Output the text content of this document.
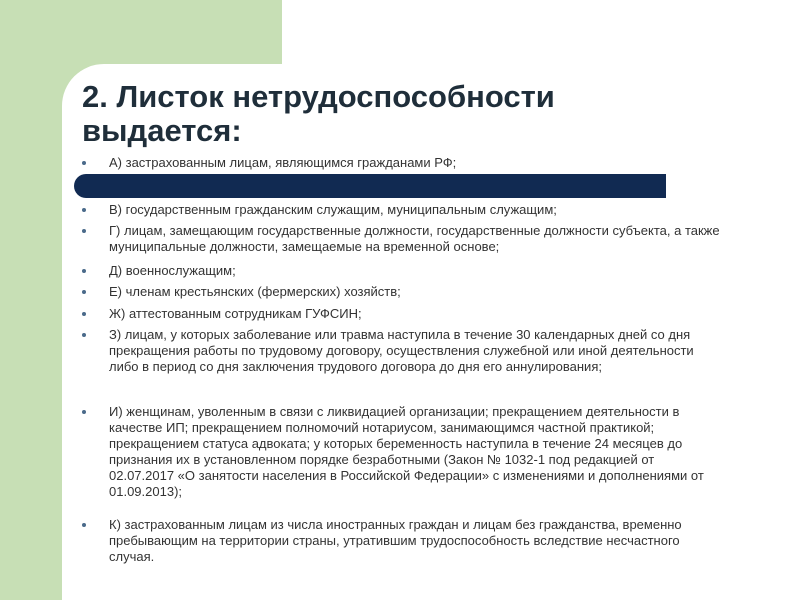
2. Листок нетрудоспособности выдается:
А) застрахованным лицам, являющимся гражданами РФ;
В) государственным гражданским служащим, муниципальным служащим;
Г) лицам, замещающим государственные должности, государственные должности субъекта, а также муниципальные должности, замещаемые на временной основе;
Д) военнослужащим;
Е) членам крестьянских (фермерских) хозяйств;
Ж) аттестованным сотрудникам ГУФСИН;
З) лицам, у которых заболевание или травма наступила в течение 30 календарных дней со дня прекращения работы по трудовому договору, осуществления служебной или иной деятельности либо в период со дня заключения трудового договора до дня его аннулирования;
И) женщинам, уволенным в связи с ликвидацией организации; прекращением деятельности в качестве ИП; прекращением полномочий нотариусом, занимающимся частной практикой; прекращением статуса адвоката; у которых беременность наступила в течение 24 месяцев до признания их в установленном порядке безработными (Закон № 1032-1 под редакцией от 02.07.2017 «О занятости населения в Российской Федерации» с изменениями и дополнениями от 01.09.2013);
К) застрахованным лицам из числа иностранных граждан и лицам без гражданства, временно пребывающим на территории страны, утратившим трудоспособность вследствие несчастного случая.
